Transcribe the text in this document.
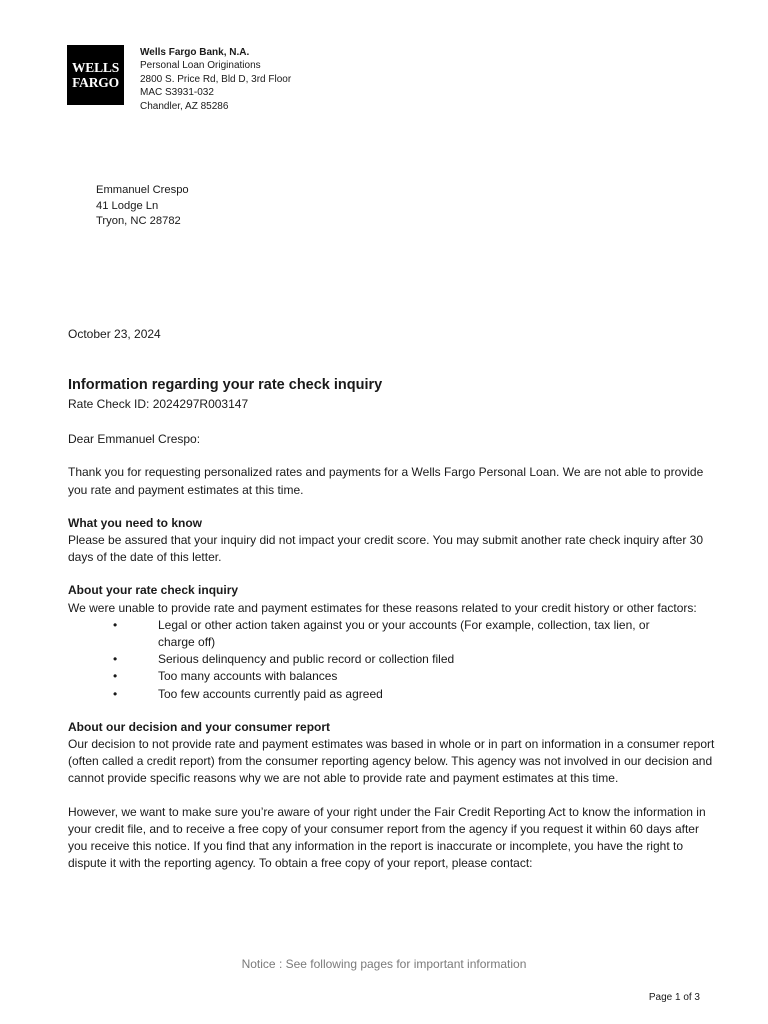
WELLS
FARGO
Wells Fargo Bank, N.A.
Personal Loan Originations
2800 S. Price Rd, Bld D, 3rd Floor
MAC S3931-032
Chandler, AZ 85286
Emmanuel Crespo
41 Lodge Ln
Tryon, NC 28782
October 23, 2024
Information regarding your rate check inquiry

Rate Check ID: 2024297R003147

Dear Emmanuel Crespo:

Thank you for requesting personalized rates and payments for a Wells Fargo Personal Loan. We are not able to provide you rate and payment estimates at this time.

What you need to know

Please be assured that your inquiry did not impact your credit score. You may submit another rate check inquiry after 30 days of the date of this letter.

About your rate check inquiry

We were unable to provide rate and payment estimates for these reasons related to your credit history or other factors:

•	Legal or other action taken against you or your accounts (For example, collection, tax lien, or charge off)
•	Serious delinquency and public record or collection filed
•	Too many accounts with balances
•	Too few accounts currently paid as agreed

About our decision and your consumer report

Our decision to not provide rate and payment estimates was based in whole or in part on information in a consumer report (often called a credit report) from the consumer reporting agency below. This agency was not involved in our decision and cannot provide specific reasons why we are not able to provide rate and payment estimates at this time.

However, we want to make sure you’re aware of your right under the Fair Credit Reporting Act to know the information in your credit file, and to receive a free copy of your consumer report from the agency if you request it within 60 days after you receive this notice. If you find that any information in the report is inaccurate or incomplete, you have the right to dispute it with the reporting agency. To obtain a free copy of your report, please contact:

Notice : See following pages for important information
Page 1 of 3
